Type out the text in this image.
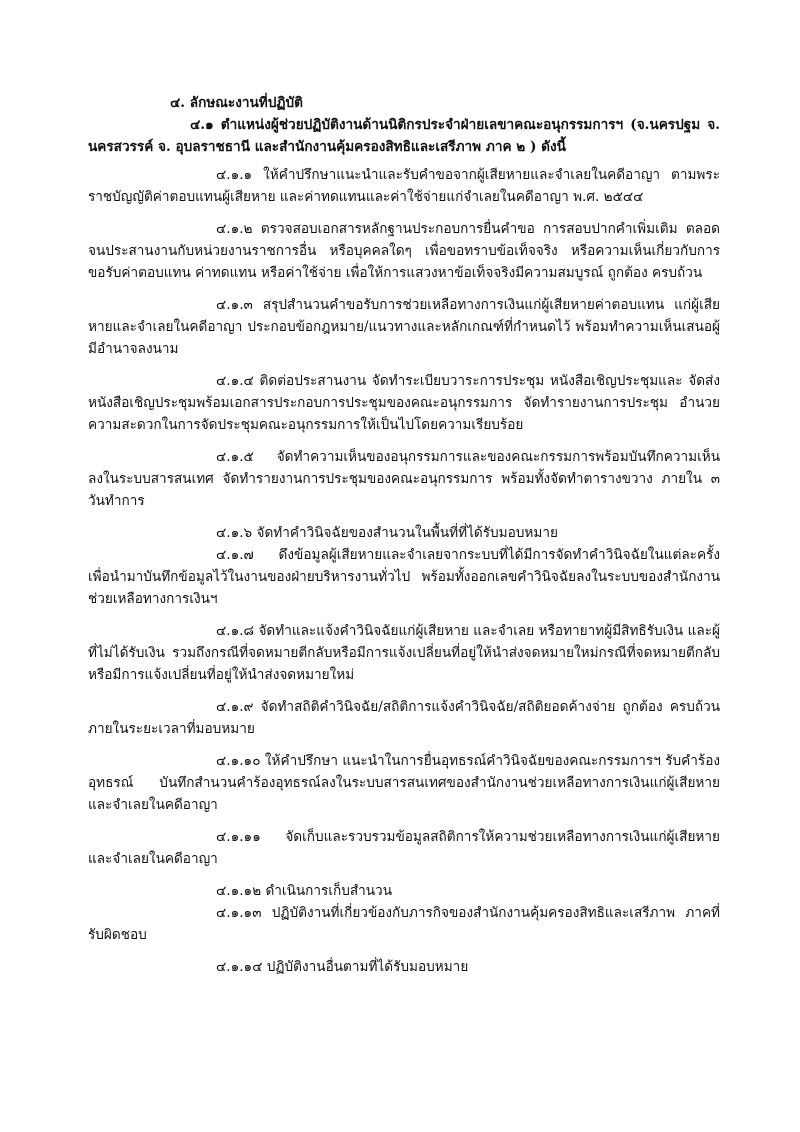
๔. ลักษณะงานที่ปฏิบัติ
๔.๑ ตำแหน่งผู้ช่วยปฏิบัติงานด้านนิติกรประจำฝ่ายเลขาคณะอนุกรรมการฯ (จ.นครปฐม จ. นครสวรรค์ จ. อุบลราชธานี และสำนักงานคุ้มครองสิทธิและเสรีภาพ ภาค ๒ ) ดังนี้
๔.๑.๑ ให้คำปรึกษาแนะนำและรับคำขอจากผู้เสียหายและจำเลยในคดีอาญา ตามพระราชบัญญัติค่าตอบแทนผู้เสียหาย และค่าทดแทนและค่าใช้จ่ายแก่จำเลยในคดีอาญา พ.ศ. ๒๕๔๔
๔.๑.๒ ตรวจสอบเอกสารหลักฐานประกอบการยื่นคำขอ การสอบปากคำเพิ่มเติม ตลอดจนประสานงานกับหน่วยงานราชการอื่น หรือบุคคลใดๆ เพื่อขอทราบข้อเท็จจริง หรือความเห็นเกี่ยวกับการขอรับค่าตอบแทน ค่าทดแทน หรือค่าใช้จ่าย เพื่อให้การแสวงหาข้อเท็จจริงมีความสมบูรณ์ ถูกต้อง ครบถ้วน
๔.๑.๓ สรุปสำนวนคำขอรับการช่วยเหลือทางการเงินแก่ผู้เสียหายค่าตอบแทน แก่ผู้เสียหายและจำเลยในคดีอาญา ประกอบข้อกฎหมาย/แนวทางและหลักเกณฑ์ที่กำหนดไว้ พร้อมทำความเห็นเสนอผู้มีอำนาจลงนาม
๔.๑.๔ ติดต่อประสานงาน จัดทำระเบียบวาระการประชุม หนังสือเชิญประชุมและ จัดส่งหนังสือเชิญประชุมพร้อมเอกสารประกอบการประชุมของคณะอนุกรรมการ จัดทำรายงานการประชุม อำนวยความสะดวกในการจัดประชุมคณะอนุกรรมการให้เป็นไปโดยความเรียบร้อย
๔.๑.๕ จัดทำความเห็นของอนุกรรมการและของคณะกรรมการพร้อมบันทึกความเห็น ลงในระบบสารสนเทศ จัดทำรายงานการประชุมของคณะอนุกรรมการ พร้อมทั้งจัดทำตารางขวาง ภายใน ๓ วันทำการ
๔.๑.๖ จัดทำคำวินิจฉัยของสำนวนในพื้นที่ที่ได้รับมอบหมาย
๔.๑.๗ ดึงข้อมูลผู้เสียหายและจำเลยจากระบบที่ได้มีการจัดทำคำวินิจฉัยในแต่ละครั้ง เพื่อนำมาบันทึกข้อมูลไว้ในงานของฝ่ายบริหารงานทั่วไป พร้อมทั้งออกเลขคำวินิจฉัยลงในระบบของสำนักงานช่วยเหลือทางการเงินฯ
๔.๑.๘ จัดทำและแจ้งคำวินิจฉัยแก่ผู้เสียหาย และจำเลย หรือทายาทผู้มีสิทธิรับเงิน และผู้ที่ไม่ได้รับเงิน รวมถึงกรณีที่จดหมายตีกลับหรือมีการแจ้งเปลี่ยนที่อยู่ให้นำส่งจดหมายใหม่กรณีที่จดหมายตีกลับหรือมีการแจ้งเปลี่ยนที่อยู่ให้นำส่งจดหมายใหม่
๔.๑.๙ จัดทำสถิติคำวินิจฉัย/สถิติการแจ้งคำวินิจฉัย/สถิติยอดค้างจ่าย ถูกต้อง ครบถ้วน ภายในระยะเวลาที่มอบหมาย
๔.๑.๑๐ ให้คำปรึกษา แนะนำในการยื่นอุทธรณ์คำวินิจฉัยของคณะกรรมการฯ รับคำร้อง อุทธรณ์ บันทึกสำนวนคำร้องอุทธรณ์ลงในระบบสารสนเทศของสำนักงานช่วยเหลือทางการเงินแก่ผู้เสียหายและจำเลยในคดีอาญา
๔.๑.๑๑ จัดเก็บและรวบรวมข้อมูลสถิติการให้ความช่วยเหลือทางการเงินแก่ผู้เสียหาย และจำเลยในคดีอาญา
๔.๑.๑๒ ดำเนินการเก็บสำนวน
๔.๑.๑๓ ปฏิบัติงานที่เกี่ยวข้องกับภารกิจของสำนักงานคุ้มครองสิทธิและเสรีภาพ ภาคที่รับผิดชอบ
๔.๑.๑๔ ปฏิบัติงานอื่นตามที่ได้รับมอบหมาย
